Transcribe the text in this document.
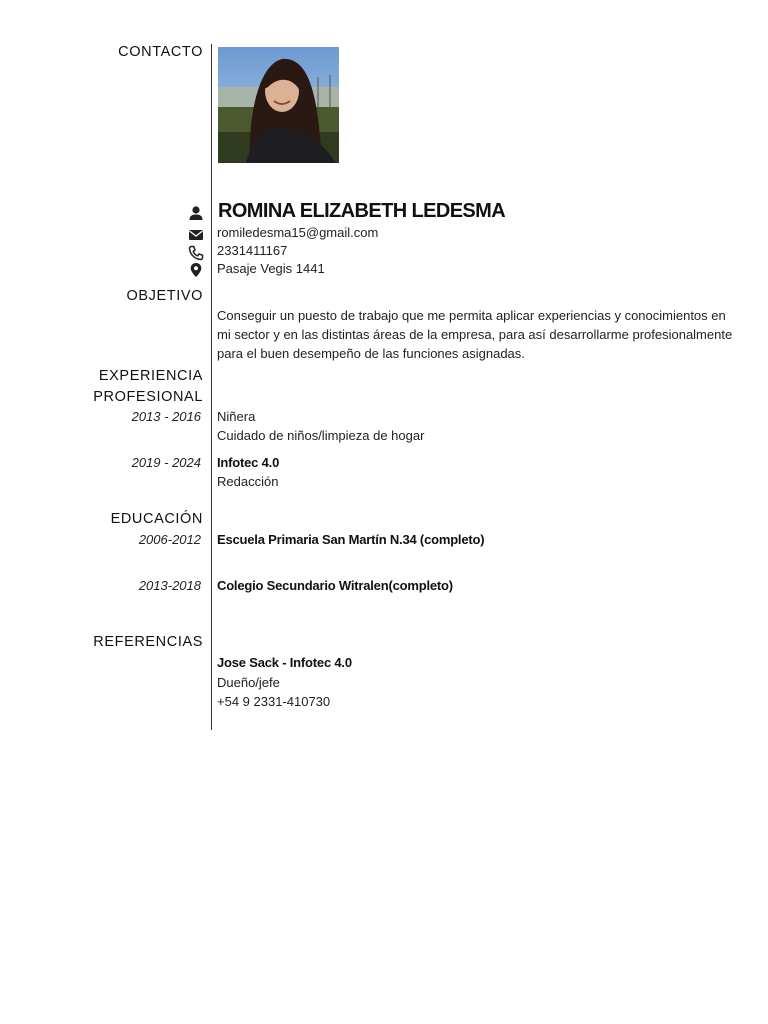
CONTACTO
ROMINA ELIZABETH LEDESMA
romiledesma15@gmail.com
2331411167
Pasaje Vegis 1441
OBJETIVO
Conseguir un puesto de trabajo que me permita aplicar experiencias y conocimientos en mi sector y en las distintas áreas de la empresa, para así desarrollarme profesionalmente para el buen desempeño de las funciones asignadas.
EXPERIENCIA
PROFESIONAL
2013 - 2016 Niñera
Cuidado de niños/limpieza de hogar
2019 - 2024 Infotec 4.0
Redacción
EDUCACIÓN
2006-2012 Escuela Primaria San Martín N.34 (completo)
2013-2018 Colegio Secundario Witralen(completo)
REFERENCIAS
Jose Sack - Infotec 4.0
Dueño/jefe
+54 9 2331-410730
